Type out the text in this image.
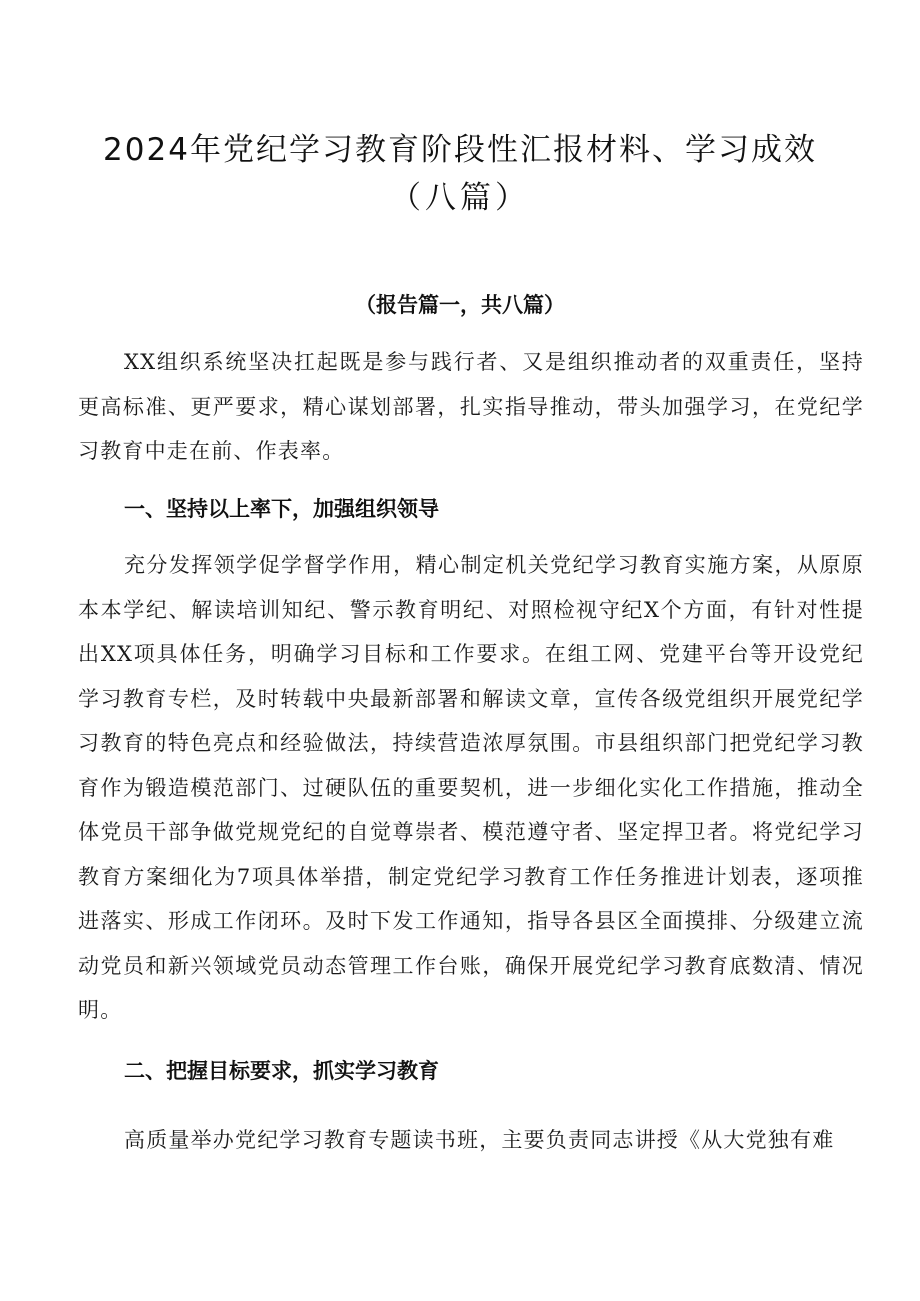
2024年党纪学习教育阶段性汇报材料、学习成效
（八篇）
（报告篇一，共八篇）

XX组织系统坚决扛起既是参与践行者、又是组织推动者的双重责任，坚持更高标准、更严要求，精心谋划部署，扎实指导推动，带头加强学习，在党纪学习教育中走在前、作表率。

一、坚持以上率下，加强组织领导

充分发挥领学促学督学作用，精心制定机关党纪学习教育实施方案，从原原本本学纪、解读培训知纪、警示教育明纪、对照检视守纪X个方面，有针对性提出XX项具体任务，明确学习目标和工作要求。在组工网、党建平台等开设党纪学习教育专栏，及时转载中央最新部署和解读文章，宣传各级党组织开展党纪学习教育的特色亮点和经验做法，持续营造浓厚氛围。市县组织部门把党纪学习教育作为锻造模范部门、过硬队伍的重要契机，进一步细化实化工作措施，推动全体党员干部争做党规党纪的自觉尊崇者、模范遵守者、坚定捍卫者。将党纪学习教育方案细化为7项具体举措，制定党纪学习教育工作任务推进计划表，逐项推进落实、形成工作闭环。及时下发工作通知，指导各县区全面摸排、分级建立流动党员和新兴领域党员动态管理工作台账，确保开展党纪学习教育底数清、情况明。

二、把握目标要求，抓实学习教育

高质量举办党纪学习教育专题读书班，主要负责同志讲授《从大党独有难
